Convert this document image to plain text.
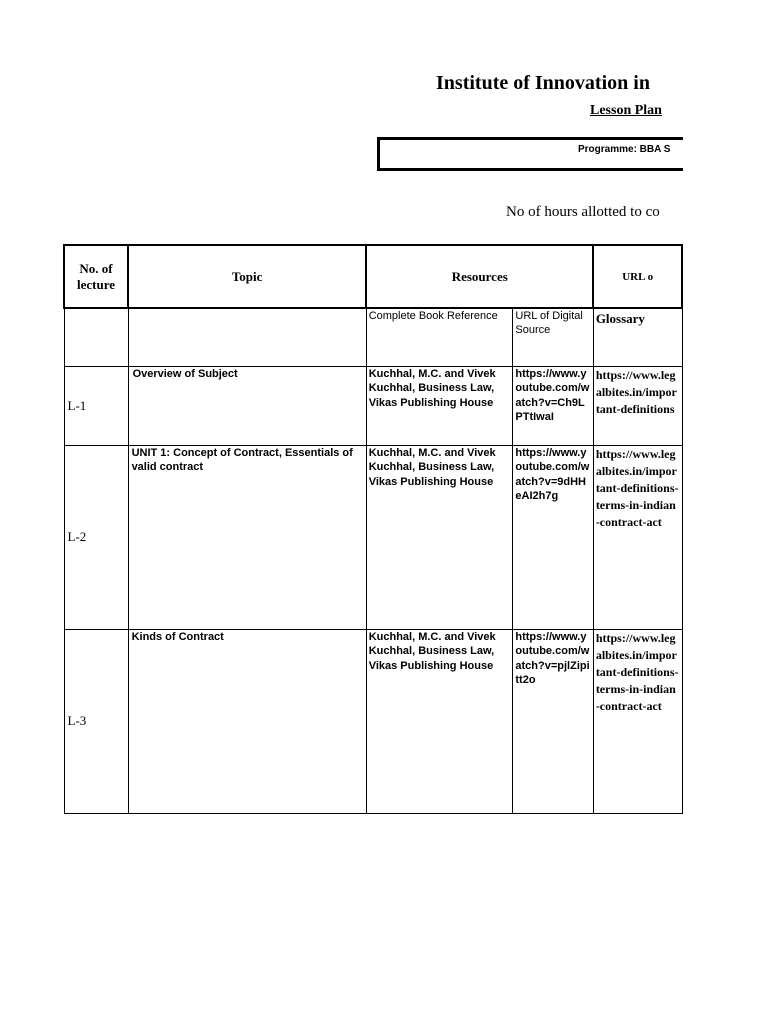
Institute of Innovation in
Lesson Plan
Programme: BBA S
No of hours allotted to co
No. of lecture	Topic	Resources		URL o
		Complete Book Reference	URL of Digital Source	Glossary
L-1	Overview of Subject	Kuchhal, M.C. and Vivek Kuchhal, Business Law, Vikas Publishing House	https://www.youtube.com/watch?v=Ch9LPTtIwaI	https://www.legalbites.in/important-definitions

L-2	UNIT 1: Concept of Contract, Essentials of valid contract	Kuchhal, M.C. and Vivek Kuchhal, Business Law, Vikas Publishing House	https://www.youtube.com/watch?v=9dHHeAI2h7g	https://www.legalbites.in/important-definitions-terms-in-indian-contract-act
L-3	Kinds of Contract	Kuchhal, M.C. and Vivek Kuchhal, Business Law, Vikas Publishing House	https://www.youtube.com/watch?v=pjlZipitt2o	https://www.legalbites.in/important-definitions-terms-in-indian-contract-act
